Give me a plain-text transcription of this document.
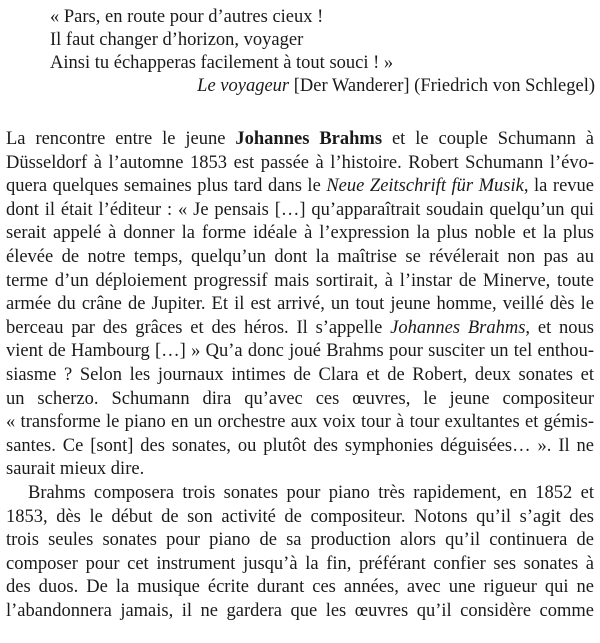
« Pars, en route pour d’autres cieux !
Il faut changer d’horizon, voyager
Ainsi tu échapperas facilement à tout souci ! »
Le voyageur [Der Wanderer] (Friedrich von Schlegel)
La rencontre entre le jeune Johannes Brahms et le couple Schumann à
Düsseldorf à l’automne 1853 est passée à l’histoire. Robert Schumann l’évo-
quera quelques semaines plus tard dans le Neue Zeitschrift für Musik, la revue
dont il était l’éditeur : « Je pensais […] qu’apparaîtrait soudain quelqu’un qui
serait appelé à donner la forme idéale à l’expression la plus noble et la plus
élevée de notre temps, quelqu’un dont la maîtrise se révélerait non pas au
terme d’un déploiement progressif mais sortirait, à l’instar de Minerve, toute
armée du crâne de Jupiter. Et il est arrivé, un tout jeune homme, veillé dès le
berceau par des grâces et des héros. Il s’appelle Johannes Brahms, et nous
vient de Hambourg […] » Qu’a donc joué Brahms pour susciter un tel enthou-
siasme ? Selon les journaux intimes de Clara et de Robert, deux sonates et
un scherzo. Schumann dira qu’avec ces œuvres, le jeune compositeur
« transforme le piano en un orchestre aux voix tour à tour exultantes et gémis-
santes. Ce [sont] des sonates, ou plutôt des symphonies déguisées… ». Il ne
saurait mieux dire.
Brahms composera trois sonates pour piano très rapidement, en 1852 et
1853, dès le début de son activité de compositeur. Notons qu’il s’agit des
trois seules sonates pour piano de sa production alors qu’il continuera de
composer pour cet instrument jusqu’à la fin, préférant confier ses sonates à
des duos. De la musique écrite durant ces années, avec une rigueur qui ne
l’abandonnera jamais, il ne gardera que les œuvres qu’il considère comme
